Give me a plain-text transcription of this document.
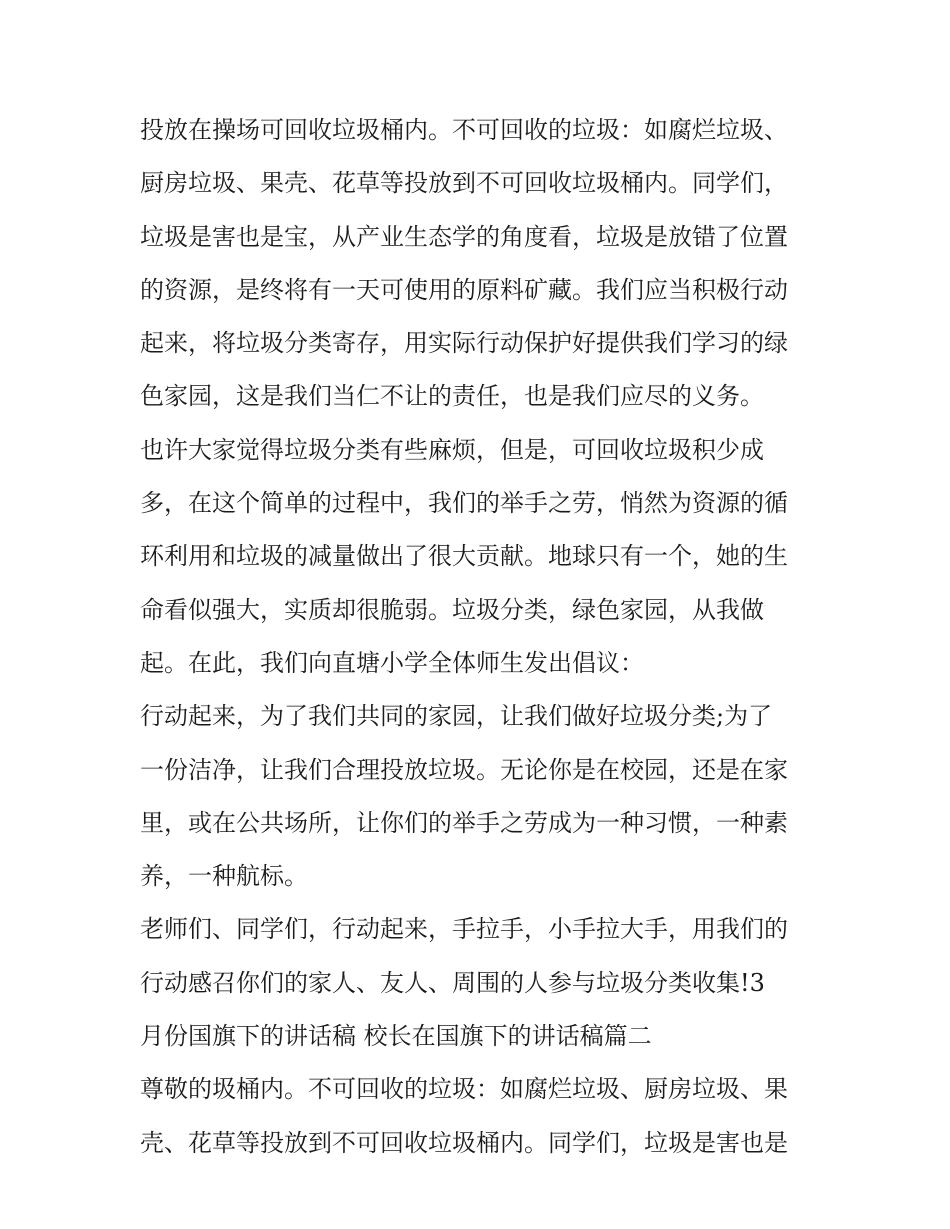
投放在操场可回收垃圾桶内。不可回收的垃圾：如腐烂垃圾、
厨房垃圾、果壳、花草等投放到不可回收垃圾桶内。同学们，
垃圾是害也是宝，从产业生态学的角度看，垃圾是放错了位置
的资源，是终将有一天可使用的原料矿藏。我们应当积极行动
起来，将垃圾分类寄存，用实际行动保护好提供我们学习的绿
色家园，这是我们当仁不让的责任，也是我们应尽的义务。
也许大家觉得垃圾分类有些麻烦，但是，可回收垃圾积少成
多，在这个简单的过程中，我们的举手之劳，悄然为资源的循
环利用和垃圾的减量做出了很大贡献。地球只有一个，她的生
命看似强大，实质却很脆弱。垃圾分类，绿色家园，从我做
起。在此，我们向直塘小学全体师生发出倡议：
行动起来，为了我们共同的家园，让我们做好垃圾分类;为了
一份洁净，让我们合理投放垃圾。无论你是在校园，还是在家
里，或在公共场所，让你们的举手之劳成为一种习惯，一种素
养，一种航标。
老师们、同学们，行动起来，手拉手，小手拉大手，用我们的
行动感召你们的家人、友人、周围的人参与垃圾分类收集!3
月份国旗下的讲话稿 校长在国旗下的讲话稿篇二
尊敬的圾桶内。不可回收的垃圾：如腐烂垃圾、厨房垃圾、果
壳、花草等投放到不可回收垃圾桶内。同学们，垃圾是害也是
